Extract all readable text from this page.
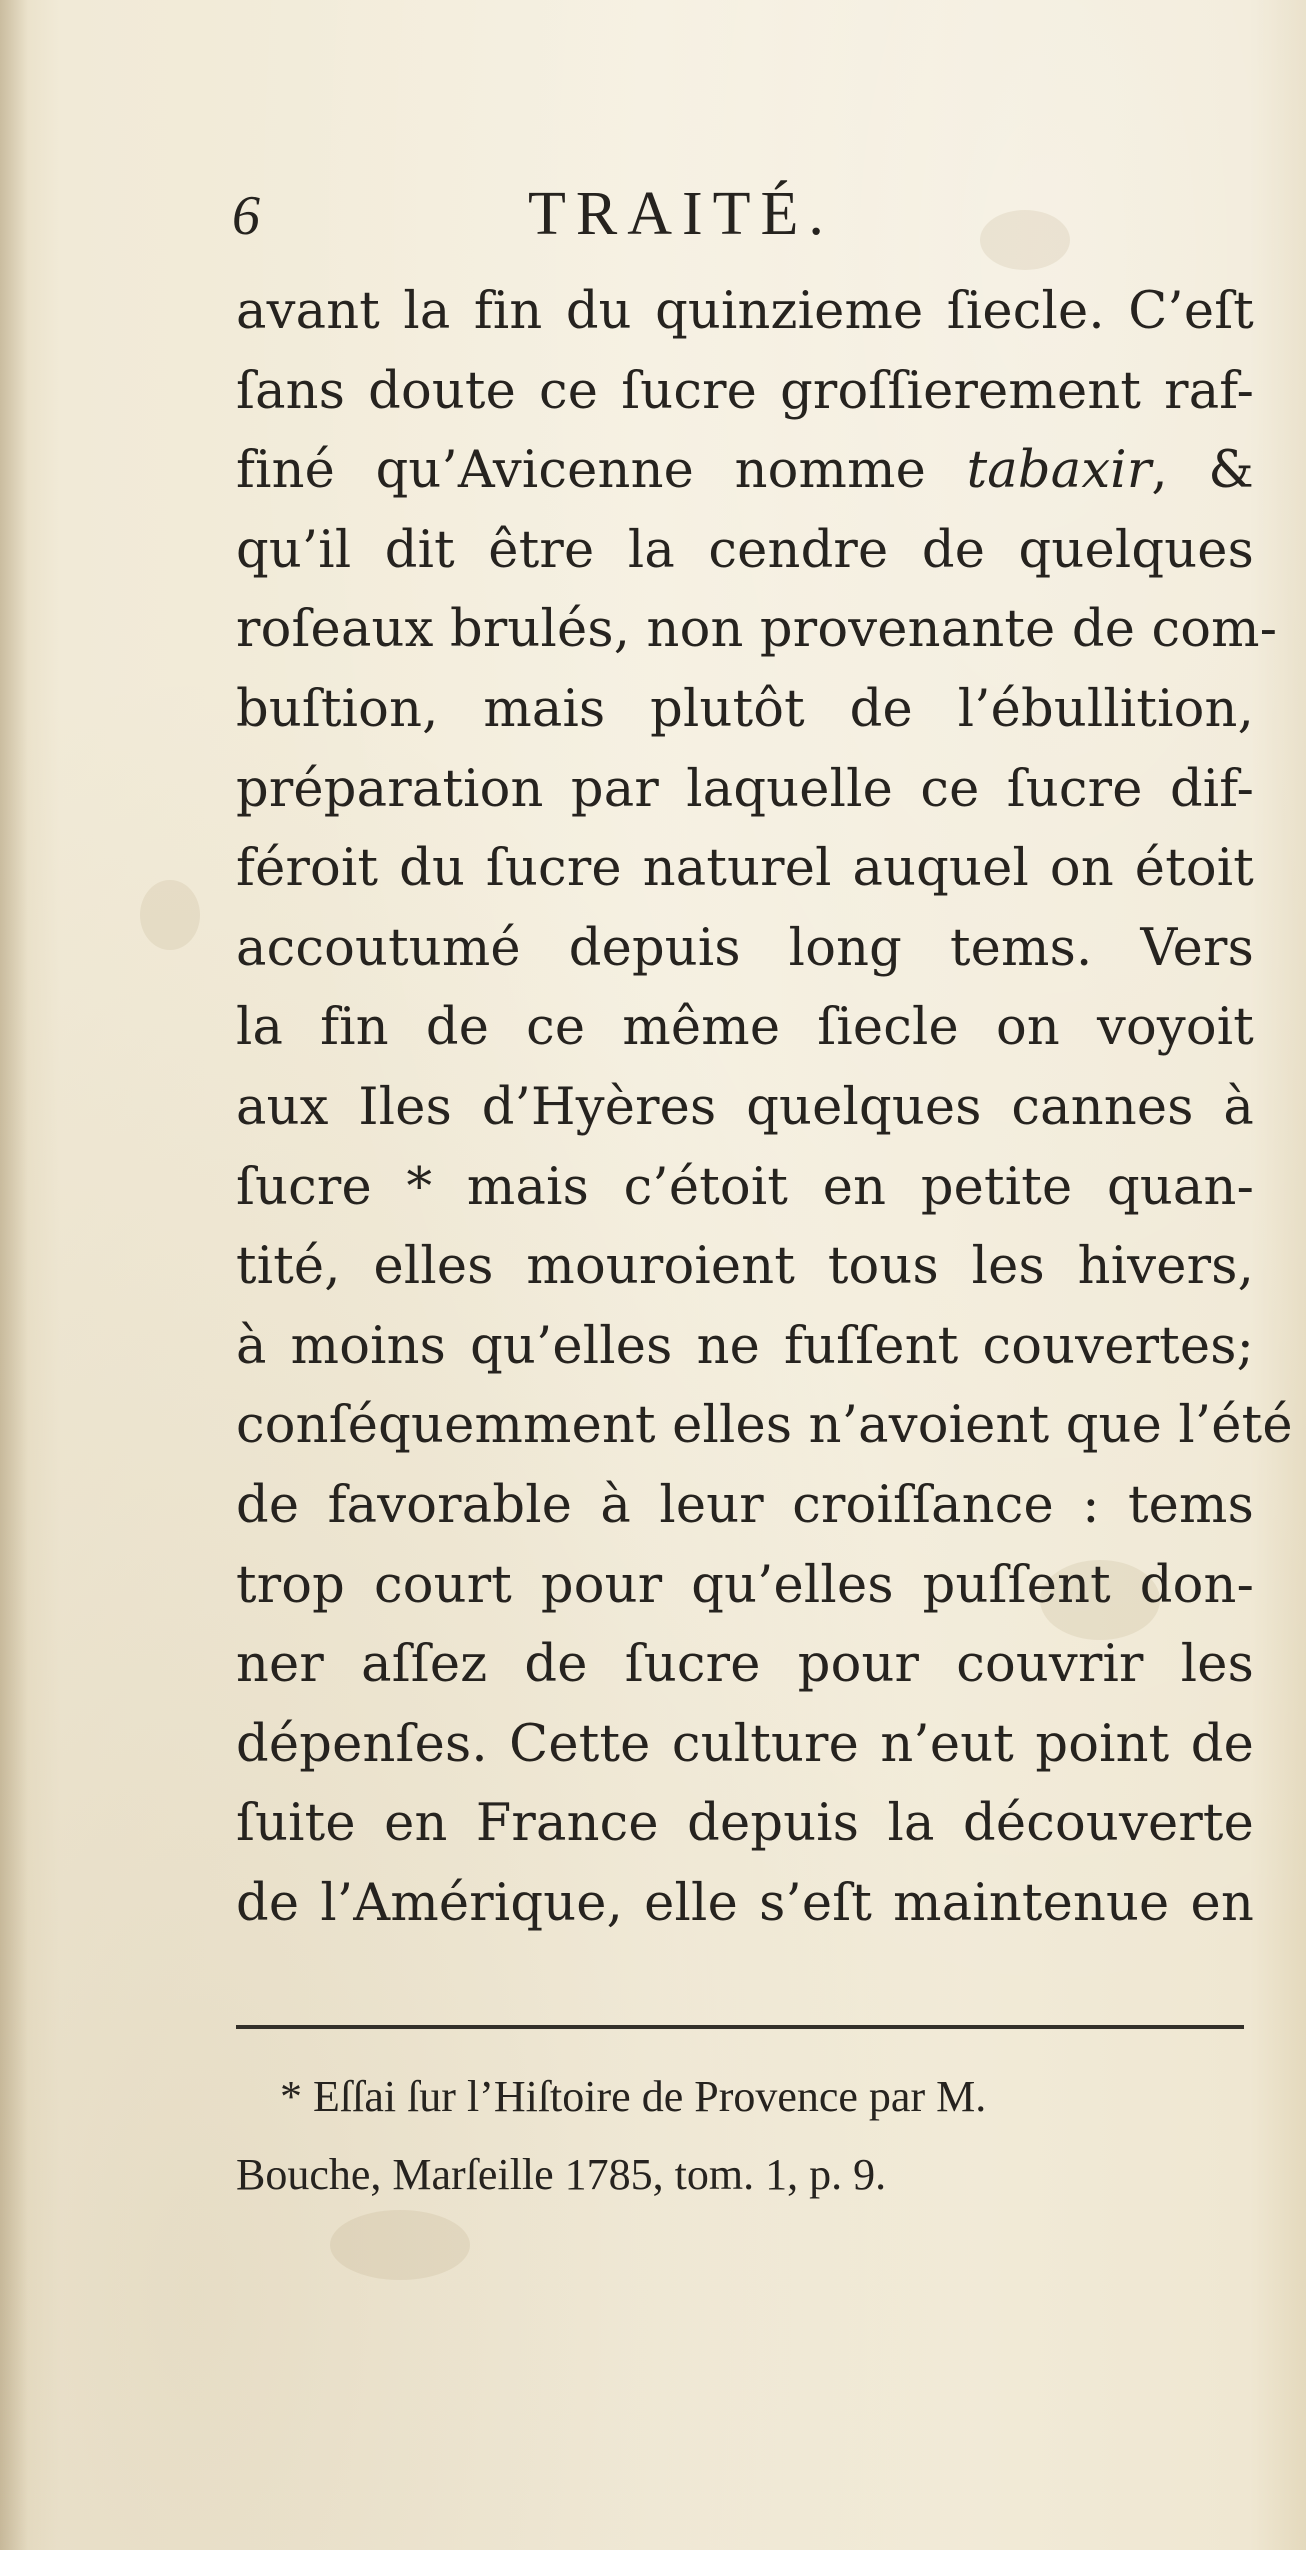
6	TRAITÉ.
avant la fin du quinzieme ſiecle. C’eſt
ſans doute ce ſucre groſſierement raf-
finé qu’Avicenne nomme tabaxir, &
qu’il dit être la cendre de quelques
roſeaux brulés, non provenante de com-
buſtion, mais plutôt de l’ébullition,
préparation par laquelle ce ſucre dif-
féroit du ſucre naturel auquel on étoit
accoutumé depuis long tems. Vers
la fin de ce même ſiecle on voyoit
aux Iles d’Hyères quelques cannes à
ſucre * mais c’étoit en petite quan-
tité, elles mouroient tous les hivers,
à moins qu’elles ne fuſſent couvertes;
conſéquemment elles n’avoient que l’été
de favorable à leur croiſſance : tems
trop court pour qu’elles puſſent don-
ner aſſez de ſucre pour couvrir les
dépenſes. Cette culture n’eut point de
ſuite en France depuis la découverte
de l’Amérique, elle s’eſt maintenue en
* Eſſai ſur l’Hiſtoire de Provence par M.
Bouche, Marſeille 1785, tom. 1, p. 9.
